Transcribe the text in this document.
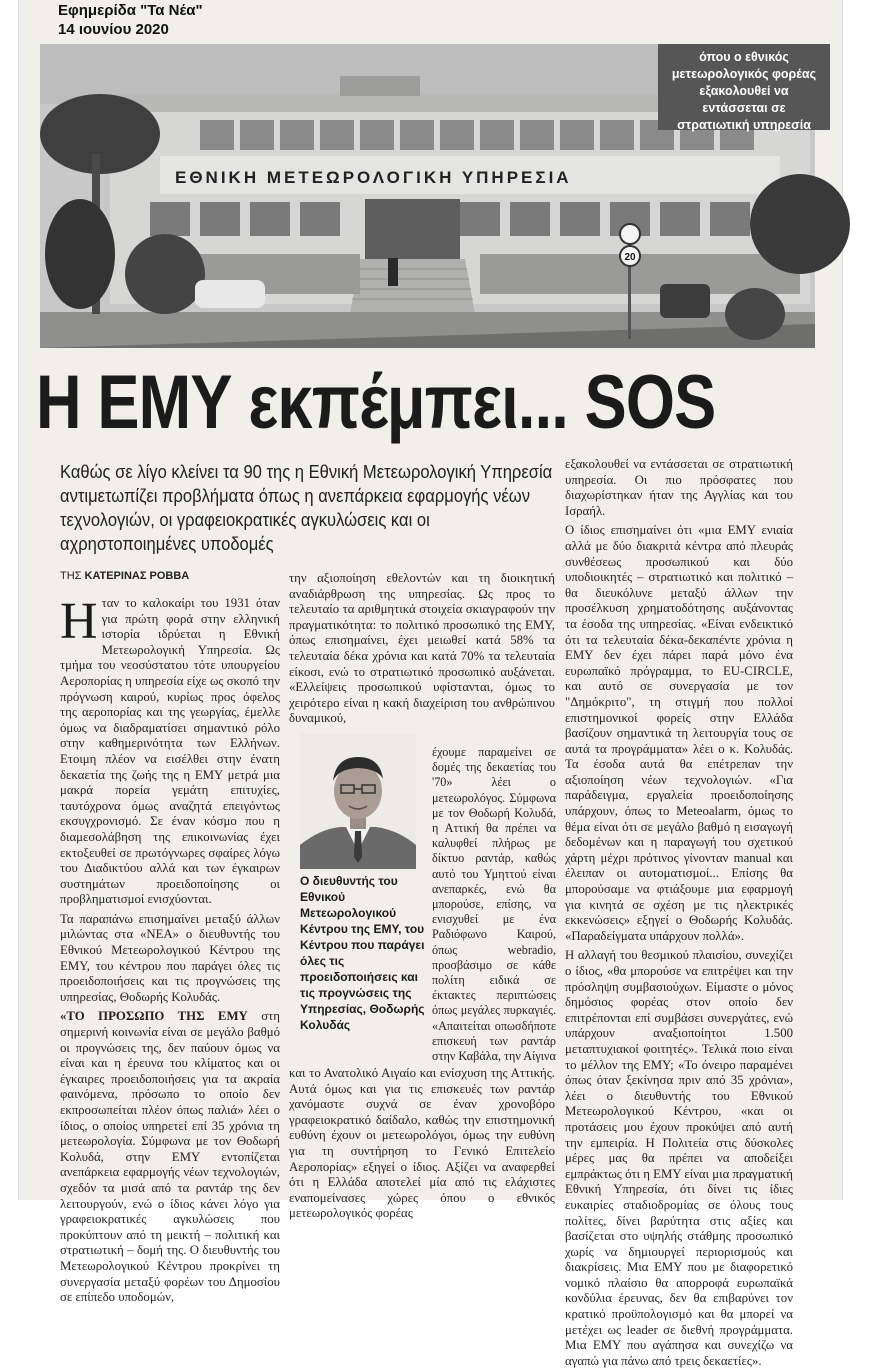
Εφημερίδα "Τα Νέα"
14 ιουνίου 2020
ΕΘΝΙΚΗ ΜΕΤΕΩΡΟΛΟΓΙΚΗ ΥΠΗΡΕΣΙΑ
20
όπου ο εθνικός μετεωρολογικός φορέας εξακολουθεί να εντάσσεται σε στρατιωτική υπηρεσία
Η ΕΜΥ εκπέμπει... SOS
Καθώς σε λίγο κλείνει τα 90 της η Εθνική Μετεωρολογική Υπηρεσία αντιμετωπίζει προβλήματα όπως η ανεπάρκεια εφαρμογής νέων τεχνολογιών, οι γραφειοκρατικές αγκυλώσεις και οι αχρηστοποιημένες υποδομές
ΤΗΣ ΚΑΤΕΡΙΝΑΣ ΡΟΒΒΑ

Ηταν το καλοκαίρι του 1931 όταν για πρώτη φορά στην ελληνική ιστορία ιδρύεται η Εθνική Μετεωρολογική Υπηρεσία. Ως τμήμα του νεοσύστατου τότε υπουργείου Αεροπορίας η υπηρεσία είχε ως σκοπό την πρόγνωση καιρού, κυρίως προς όφελος της αεροπορίας και της γεωργίας, έμελλε όμως να διαδραματίσει σημαντικό ρόλο στην καθημερινότητα των Ελλήνων. Ετοιμη πλέον να εισέλθει στην ένατη δεκαετία της ζωής της η ΕΜΥ μετρά μια μακρά πορεία γεμάτη επιτυχίες, ταυτόχρονα όμως αναζητά επειγόντως εκσυγχρονισμό. Σε έναν κόσμο που η διαμεσολάβηση της επικοινωνίας έχει εκτοξευθεί σε πρωτόγνωρες σφαίρες λόγω του Διαδικτύου αλλά και των έγκαιρων συστημάτων προειδοποίησης οι προβληματισμοί ενισχύονται.

Τα παραπάνω επισημαίνει μεταξύ άλλων μιλώντας στα «ΝΕΑ» ο διευθυντής του Εθνικού Μετεωρολογικού Κέντρου της ΕΜΥ, του κέντρου που παράγει όλες τις προειδοποιήσεις και τις προγνώσεις της υπηρεσίας, Θοδωρής Κολυδάς.

«ΤΟ ΠΡΟΣΩΠΟ ΤΗΣ ΕΜΥ στη σημερινή κοινωνία είναι σε μεγάλο βαθμό οι προγνώσεις της, δεν παύουν όμως να είναι και η έρευνα του κλίματος και οι έγκαιρες προειδοποιήσεις για τα ακραία φαινόμενα, πρόσωπο το οποίο δεν εκπροσωπείται πλέον όπως παλιά» λέει ο ίδιος, ο οποίος υπηρετεί επί 35 χρόνια τη μετεωρολογία. Σύμφωνα με τον Θοδωρή Κολυδά, στην ΕΜΥ εντοπίζεται ανεπάρκεια εφαρμογής νέων τεχνολογιών, σχεδόν τα μισά από τα ραντάρ της δεν λειτουργούν, ενώ ο ίδιος κάνει λόγο για γραφειοκρατικές αγκυλώσεις που προκύπτουν από τη μεικτή – πολιτική και στρατιωτική – δομή της. Ο διευθυντής του Μετεωρολογικού Κέντρου προκρίνει τη συνεργασία μεταξύ φορέων του Δημοσίου σε επίπεδο υποδομών,

την αξιοποίηση εθελοντών και τη διοικητική αναδιάρθρωση της υπηρεσίας. Ως προς το τελευταίο τα αριθμητικά στοιχεία σκιαγραφούν την πραγματικότητα: το πολιτικό προσωπικό της ΕΜΥ, όπως επισημαίνει, έχει μειωθεί κατά 58% τα τελευταία δέκα χρόνια και κατά 70% τα τελευταία είκοσι, ενώ το στρατιωτικό προσωπικό αυξάνεται. «Ελλείψεις προσωπικού υφίστανται, όμως το χειρότερο είναι η κακή διαχείριση του ανθρώπινου δυναμικού,

Ο διευθυντής του Εθνικού Μετεωρολογικού Κέντρου της ΕΜΥ, του Κέντρου που παράγει όλες τις προειδοποιήσεις και τις προγνώσεις της Υπηρεσίας, Θοδωρής Κολυδάς

έχουμε παραμείνει σε δομές της δεκαετίας του '70» λέει ο μετεωρολόγος. Σύμφωνα με τον Θοδωρή Κολυδά, η Αττική θα πρέπει να καλυφθεί πλήρως με δίκτυο ραντάρ, καθώς αυτό του Υμηττού είναι ανεπαρκές, ενώ θα μπορούσε, επίσης, να ενισχυθεί με ένα Ραδιόφωνο Καιρού, όπως webradio, προσβάσιμο σε κάθε πολίτη ειδικά σε έκτακτες περιπτώσεις όπως μεγάλες πυρκαγιές. «Απαιτείται οπωσδήποτε επισκευή των ραντάρ στην Καβάλα, την Αίγινα

και το Ανατολικό Αιγαίο και ενίσχυση της Αττικής. Αυτά όμως και για τις επισκευές των ραντάρ χανόμαστε συχνά σε έναν χρονοβόρο γραφειοκρατικό δαίδαλο, καθώς την επιστημονική ευθύνη έχουν οι μετεωρολόγοι, όμως την ευθύνη για τη συντήρηση το Γενικό Επιτελείο Αεροπορίας» εξηγεί ο ίδιος. Αξίζει να αναφερθεί ότι η Ελλάδα αποτελεί μία από τις ελάχιστες εναπομείνασες χώρες όπου ο εθνικός μετεωρολογικός φορέας

εξακολουθεί να εντάσσεται σε στρατιωτική υπηρεσία. Οι πιο πρόσφατες που διαχωρίστηκαν ήταν της Αγγλίας και του Ισραήλ.

Ο ίδιος επισημαίνει ότι «μια ΕΜΥ ενιαία αλλά με δύο διακριτά κέντρα από πλευράς συνθέσεως προσωπικού και δύο υποδιοικητές – στρατιωτικό και πολιτικό – θα διευκόλυνε μεταξύ άλλων την προσέλκυση χρηματοδότησης αυξάνοντας τα έσοδα της υπηρεσίας. «Είναι ενδεικτικό ότι τα τελευταία δέκα-δεκαπέντε χρόνια η ΕΜΥ δεν έχει πάρει παρά μόνο ένα ευρωπαϊκό πρόγραμμα, το EU-CIRCLE, και αυτό σε συνεργασία με τον "Δημόκριτο", τη στιγμή που πολλοί επιστημονικοί φορείς στην Ελλάδα βασίζουν σημαντικά τη λειτουργία τους σε αυτά τα προγράμματα» λέει ο κ. Κολυδάς. Τα έσοδα αυτά θα επέτρεπαν την αξιοποίηση νέων τεχνολογιών. «Για παράδειγμα, εργαλεία προειδοποίησης υπάρχουν, όπως το Meteoalarm, όμως το θέμα είναι ότι σε μεγάλο βαθμό η εισαγωγή δεδομένων και η παραγωγή του σχετικού χάρτη μέχρι πρότινος γίνονταν manual και έλειπαν οι αυτοματισμοί... Επίσης θα μπορούσαμε να φτιάξουμε μια εφαρμογή για κινητά σε σχέση με τις ηλεκτρικές εκκενώσεις» εξηγεί ο Θοδωρής Κολυδάς. «Παραδείγματα υπάρχουν πολλά».

Η αλλαγή του θεσμικού πλαισίου, συνεχίζει ο ίδιος, «θα μπορούσε να επιτρέψει και την πρόσληψη συμβασιούχων. Είμαστε ο μόνος δημόσιος φορέας στον οποίο δεν επιτρέπονται επί συμβάσει συνεργάτες, ενώ υπάρχουν αναξιοποίητοι 1.500 μεταπτυχιακοί φοιτητές». Τελικά ποιο είναι το μέλλον της ΕΜΥ; «Το όνειρο παραμένει όπως όταν ξεκίνησα πριν από 35 χρόνια», λέει ο διευθυντής του Εθνικού Μετεωρολογικού Κέντρου, «και οι προτάσεις μου έχουν προκύψει από αυτή την εμπειρία. Η Πολιτεία στις δύσκολες μέρες μας θα πρέπει να αποδείξει εμπράκτως ότι η ΕΜΥ είναι μια πραγματική Εθνική Υπηρεσία, ότι δίνει τις ίδιες ευκαιρίες σταδιοδρομίας σε όλους τους πολίτες, δίνει βαρύτητα στις αξίες και βασίζεται στο υψηλής στάθμης προσωπικό χωρίς να δημιουργεί περιορισμούς και διακρίσεις. Μια ΕΜΥ που με διαφορετικό νομικό πλαίσιο θα απορροφά ευρωπαϊκά κονδύλια έρευνας, δεν θα επιβαρύνει τον κρατικό προϋπολογισμό και θα μπορεί να μετέχει ως leader σε διεθνή προγράμματα. Μια ΕΜΥ που αγάπησα και συνεχίζω να αγαπώ για πάνω από τρεις δεκαετίες».
